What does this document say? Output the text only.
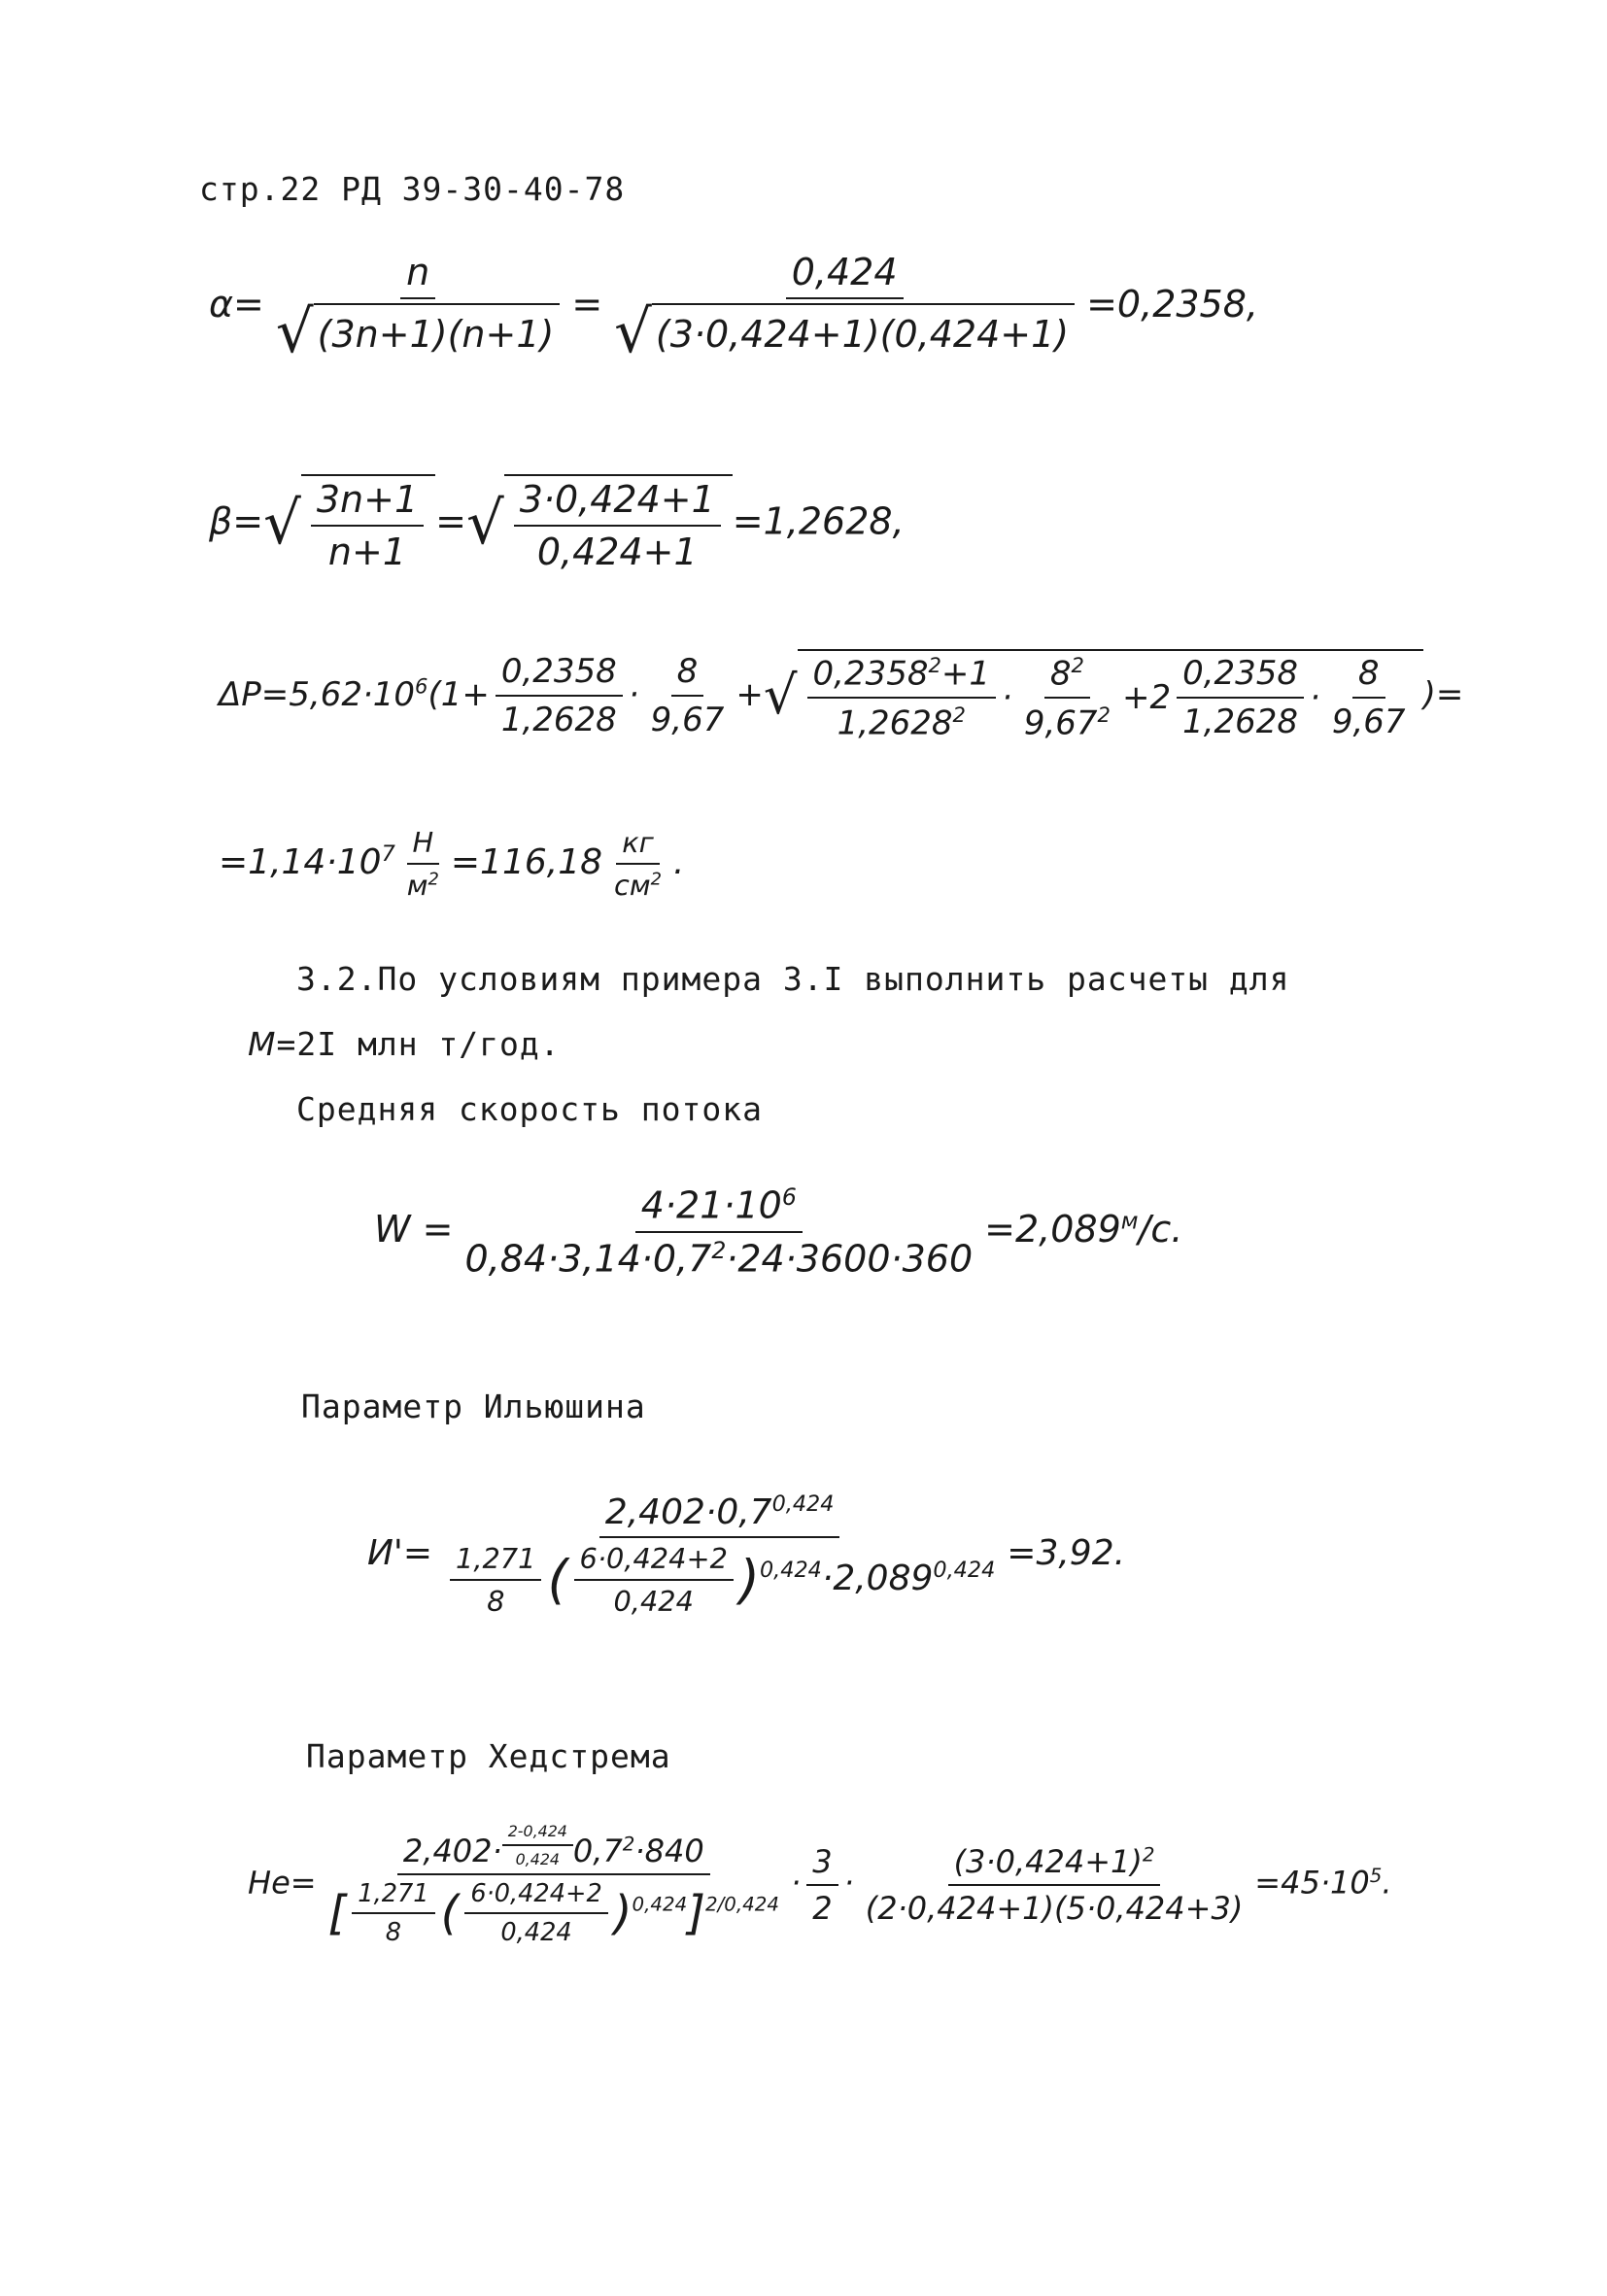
стр.22 РД 39-30-40-78
$\alpha= \frac{n}{√ (3n+1)(n+1)} = \frac{0,424}{√ (3\cdot 0,424+1)(0,424+1)} =0,2358$,
β= √ $\frac{3n+1}{n+1}$ = √ $\frac{3\cdot 0,424+1}{0,424+1} =1,2628$,
$\Delta P=5,62\cdot 10^6(1+ \frac{0,2358}{1,2628} \cdot \frac{8}{9,67}$ + √ $\frac{0,2358^2+1}{1,2628^2} \cdot \frac{8^2}{9,67^2} +2 \frac{0,2358}{1,2628} \cdot \frac{8}{9,67}$ )=
$=1,14\cdot 10^7 \frac{Н}{м^2} =116,18 \frac{кг}{см^2}$ .
3.2.По условиям примера 3.I выполнить расчеты для
M=2I млн т/год.
Средняя скорость потока
$W = \frac{4\cdot 21\cdot 10^6}{0,84\cdot 3,14\cdot 0,7^2\cdot 24\cdot 3600\cdot 360} =2,089^м/с$.
Параметр Ильюшина
$И'= \frac{2,402\cdot 0,7^{0,424}}{\frac{1,271}{8} ( \frac{6\cdot 0,424+2}{0,424} )^{0,424}\cdot 2,089^{0,424}} =3,92$.
Параметр Хедстрема
He= 2,402· $^{\frac{2-0,424}{0,424}}$ $0,7^2\cdot 840$
[ $\frac{1,271}{8}$ ( $\frac{6\cdot 0,424+2}{0,424} )^{0,424}]^{2/0,424} \cdot \frac{3}{2} \cdot \frac{(3\cdot 0,424+1)^2}{(2\cdot 0,424+1)(5\cdot 0,424+3)} =45\cdot 10^5$.
